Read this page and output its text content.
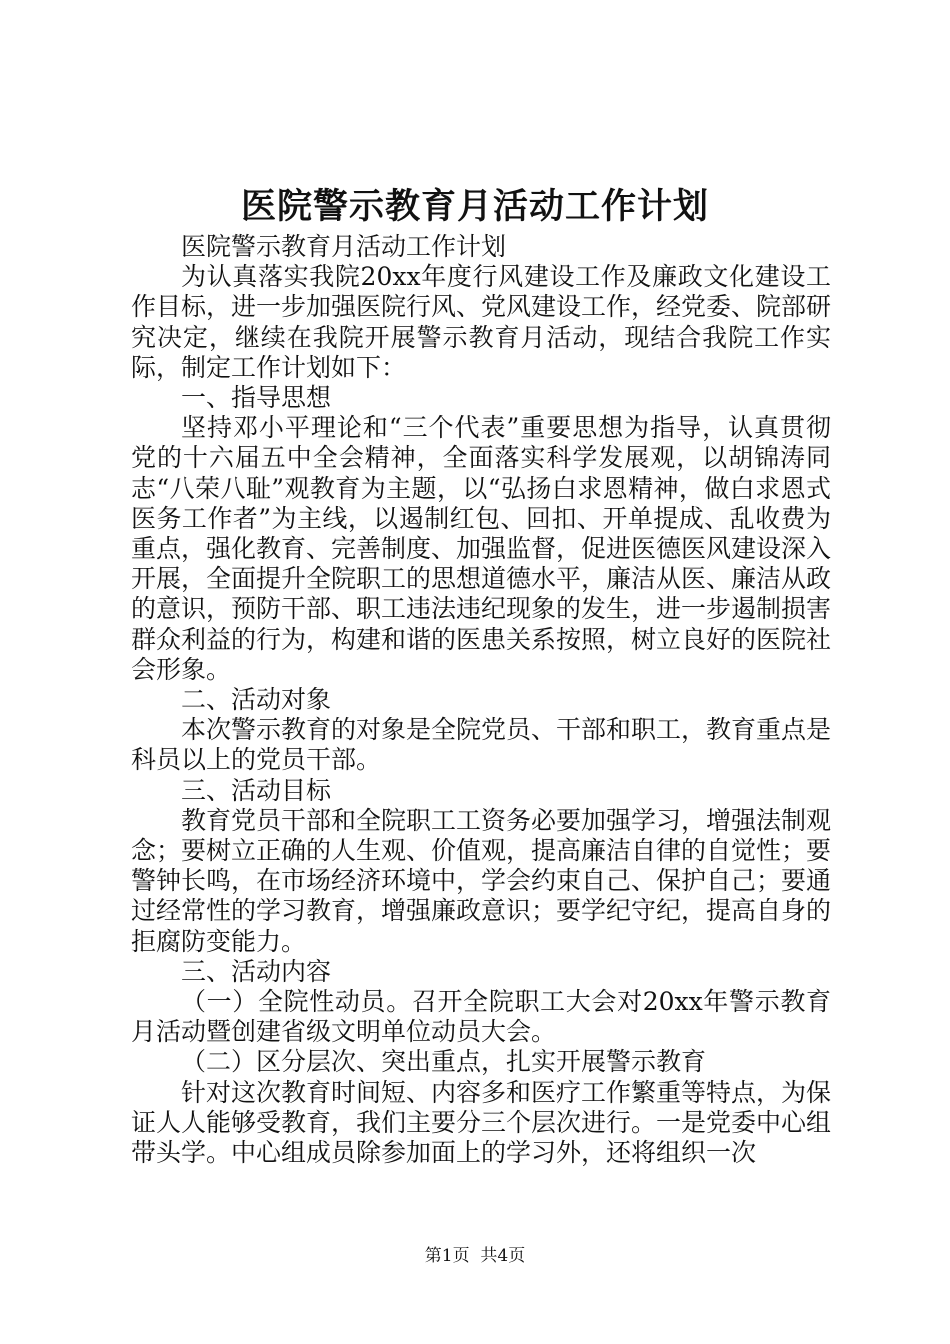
医院警示教育月活动工作计划

医院警示教育月活动工作计划

为认真落实我院20xx年度行风建设工作及廉政文化建设工作目标，进一步加强医院行风、党风建设工作，经党委、院部研究决定，继续在我院开展警示教育月活动，现结合我院工作实际，制定工作计划如下：

一、指导思想

坚持邓小平理论和“三个代表”重要思想为指导，认真贯彻党的十六届五中全会精神，全面落实科学发展观，以胡锦涛同志“八荣八耻”观教育为主题，以“弘扬白求恩精神，做白求恩式医务工作者”为主线，以遏制红包、回扣、开单提成、乱收费为重点，强化教育、完善制度、加强监督，促进医德医风建设深入开展，全面提升全院职工的思想道德水平，廉洁从医、廉洁从政的意识，预防干部、职工违法违纪现象的发生，进一步遏制损害群众利益的行为，构建和谐的医患关系按照，树立良好的医院社会形象。

二、活动对象

本次警示教育的对象是全院党员、干部和职工，教育重点是科员以上的党员干部。

三、活动目标

教育党员干部和全院职工工资务必要加强学习，增强法制观念；要树立正确的人生观、价值观，提高廉洁自律的自觉性；要警钟长鸣，在市场经济环境中，学会约束自己、保护自己；要通过经常性的学习教育，增强廉政意识；要学纪守纪，提高自身的拒腐防变能力。

三、活动内容

（一）全院性动员。召开全院职工大会对20xx年警示教育月活动暨创建省级文明单位动员大会。

（二）区分层次、突出重点，扎实开展警示教育

针对这次教育时间短、内容多和医疗工作繁重等特点，为保证人人能够受教育，我们主要分三个层次进行。一是党委中心组带头学。中心组成员除参加面上的学习外，还将组织一次

第1页 共4页
